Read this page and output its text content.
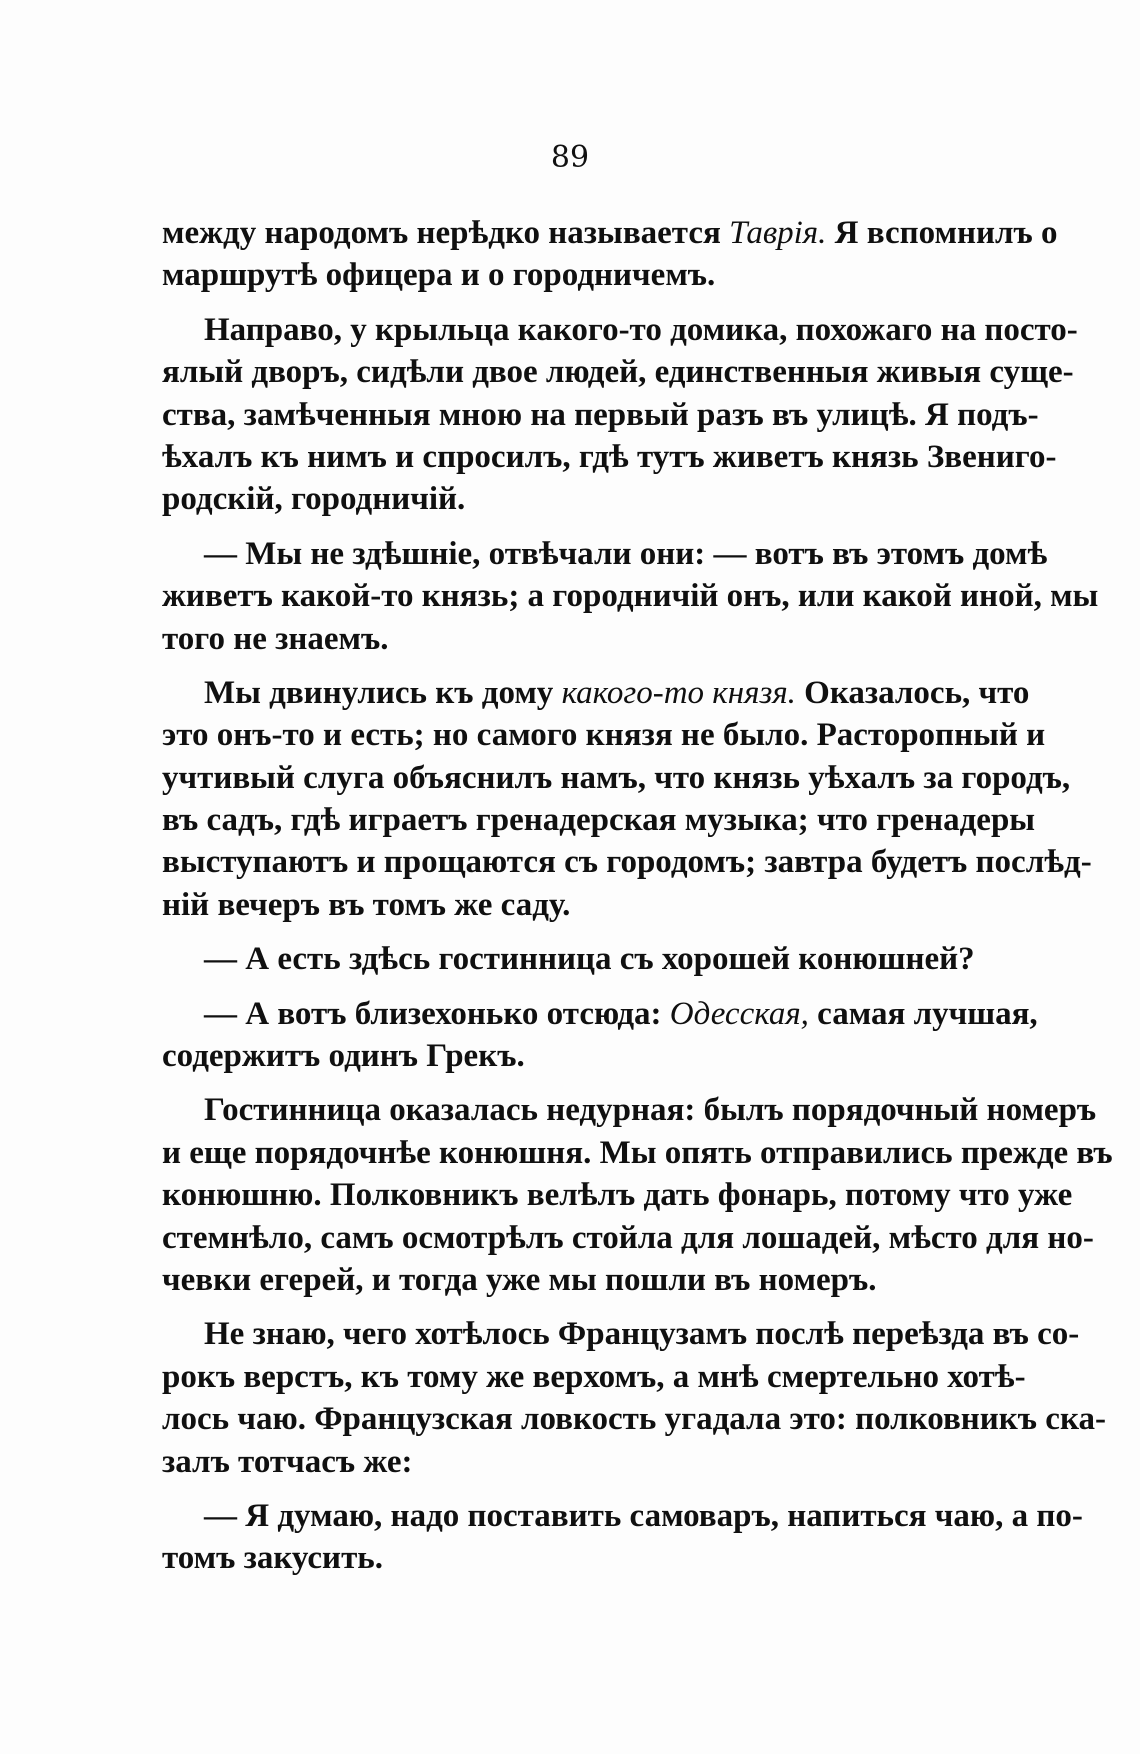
89
между народомъ нерѣдко называется Таврія. Я вспомнилъ о
маршрутѣ офицера и о городничемъ.
Направо, у крыльца какого-то домика, похожаго на посто-
ялый дворъ, сидѣли двое людей, единственныя живыя суще-
ства, замѣченныя мною на первый разъ въ улицѣ. Я подъ-
ѣхалъ къ нимъ и спросилъ, гдѣ тутъ живетъ князь Звениго-
родскій, городничій.
— Мы не здѣшніе, отвѣчали они: — вотъ въ этомъ домѣ
живетъ какой-то князь; а городничій онъ, или какой иной, мы
того не знаемъ.
Мы двинулись къ дому какого-то князя. Оказалось, что
это онъ-то и есть; но самого князя не было. Расторопный и
учтивый слуга объяснилъ намъ, что князь уѣхалъ за городъ,
въ садъ, гдѣ играетъ гренадерская музыка; что гренадеры
выступаютъ и прощаются съ городомъ; завтра будетъ послѣд-
ній вечеръ въ томъ же саду.
— А есть здѣсь гостинница съ хорошей конюшней?
— А вотъ близехонько отсюда: Одесская, самая лучшая,
содержитъ одинъ Грекъ.
Гостинница оказалась недурная: былъ порядочный номеръ
и еще порядочнѣе конюшня. Мы опять отправились прежде въ
конюшню. Полковникъ велѣлъ дать фонарь, потому что уже
стемнѣло, самъ осмотрѣлъ стойла для лошадей, мѣсто для но-
чевки егерей, и тогда уже мы пошли въ номеръ.
Не знаю, чего хотѣлось Французамъ послѣ переѣзда въ со-
рокъ верстъ, къ тому же верхомъ, а мнѣ смертельно хотѣ-
лось чаю. Французская ловкость угадала это: полковникъ ска-
залъ тотчасъ же:
— Я думаю, надо поставить самоваръ, напиться чаю, а по-
томъ закусить.
